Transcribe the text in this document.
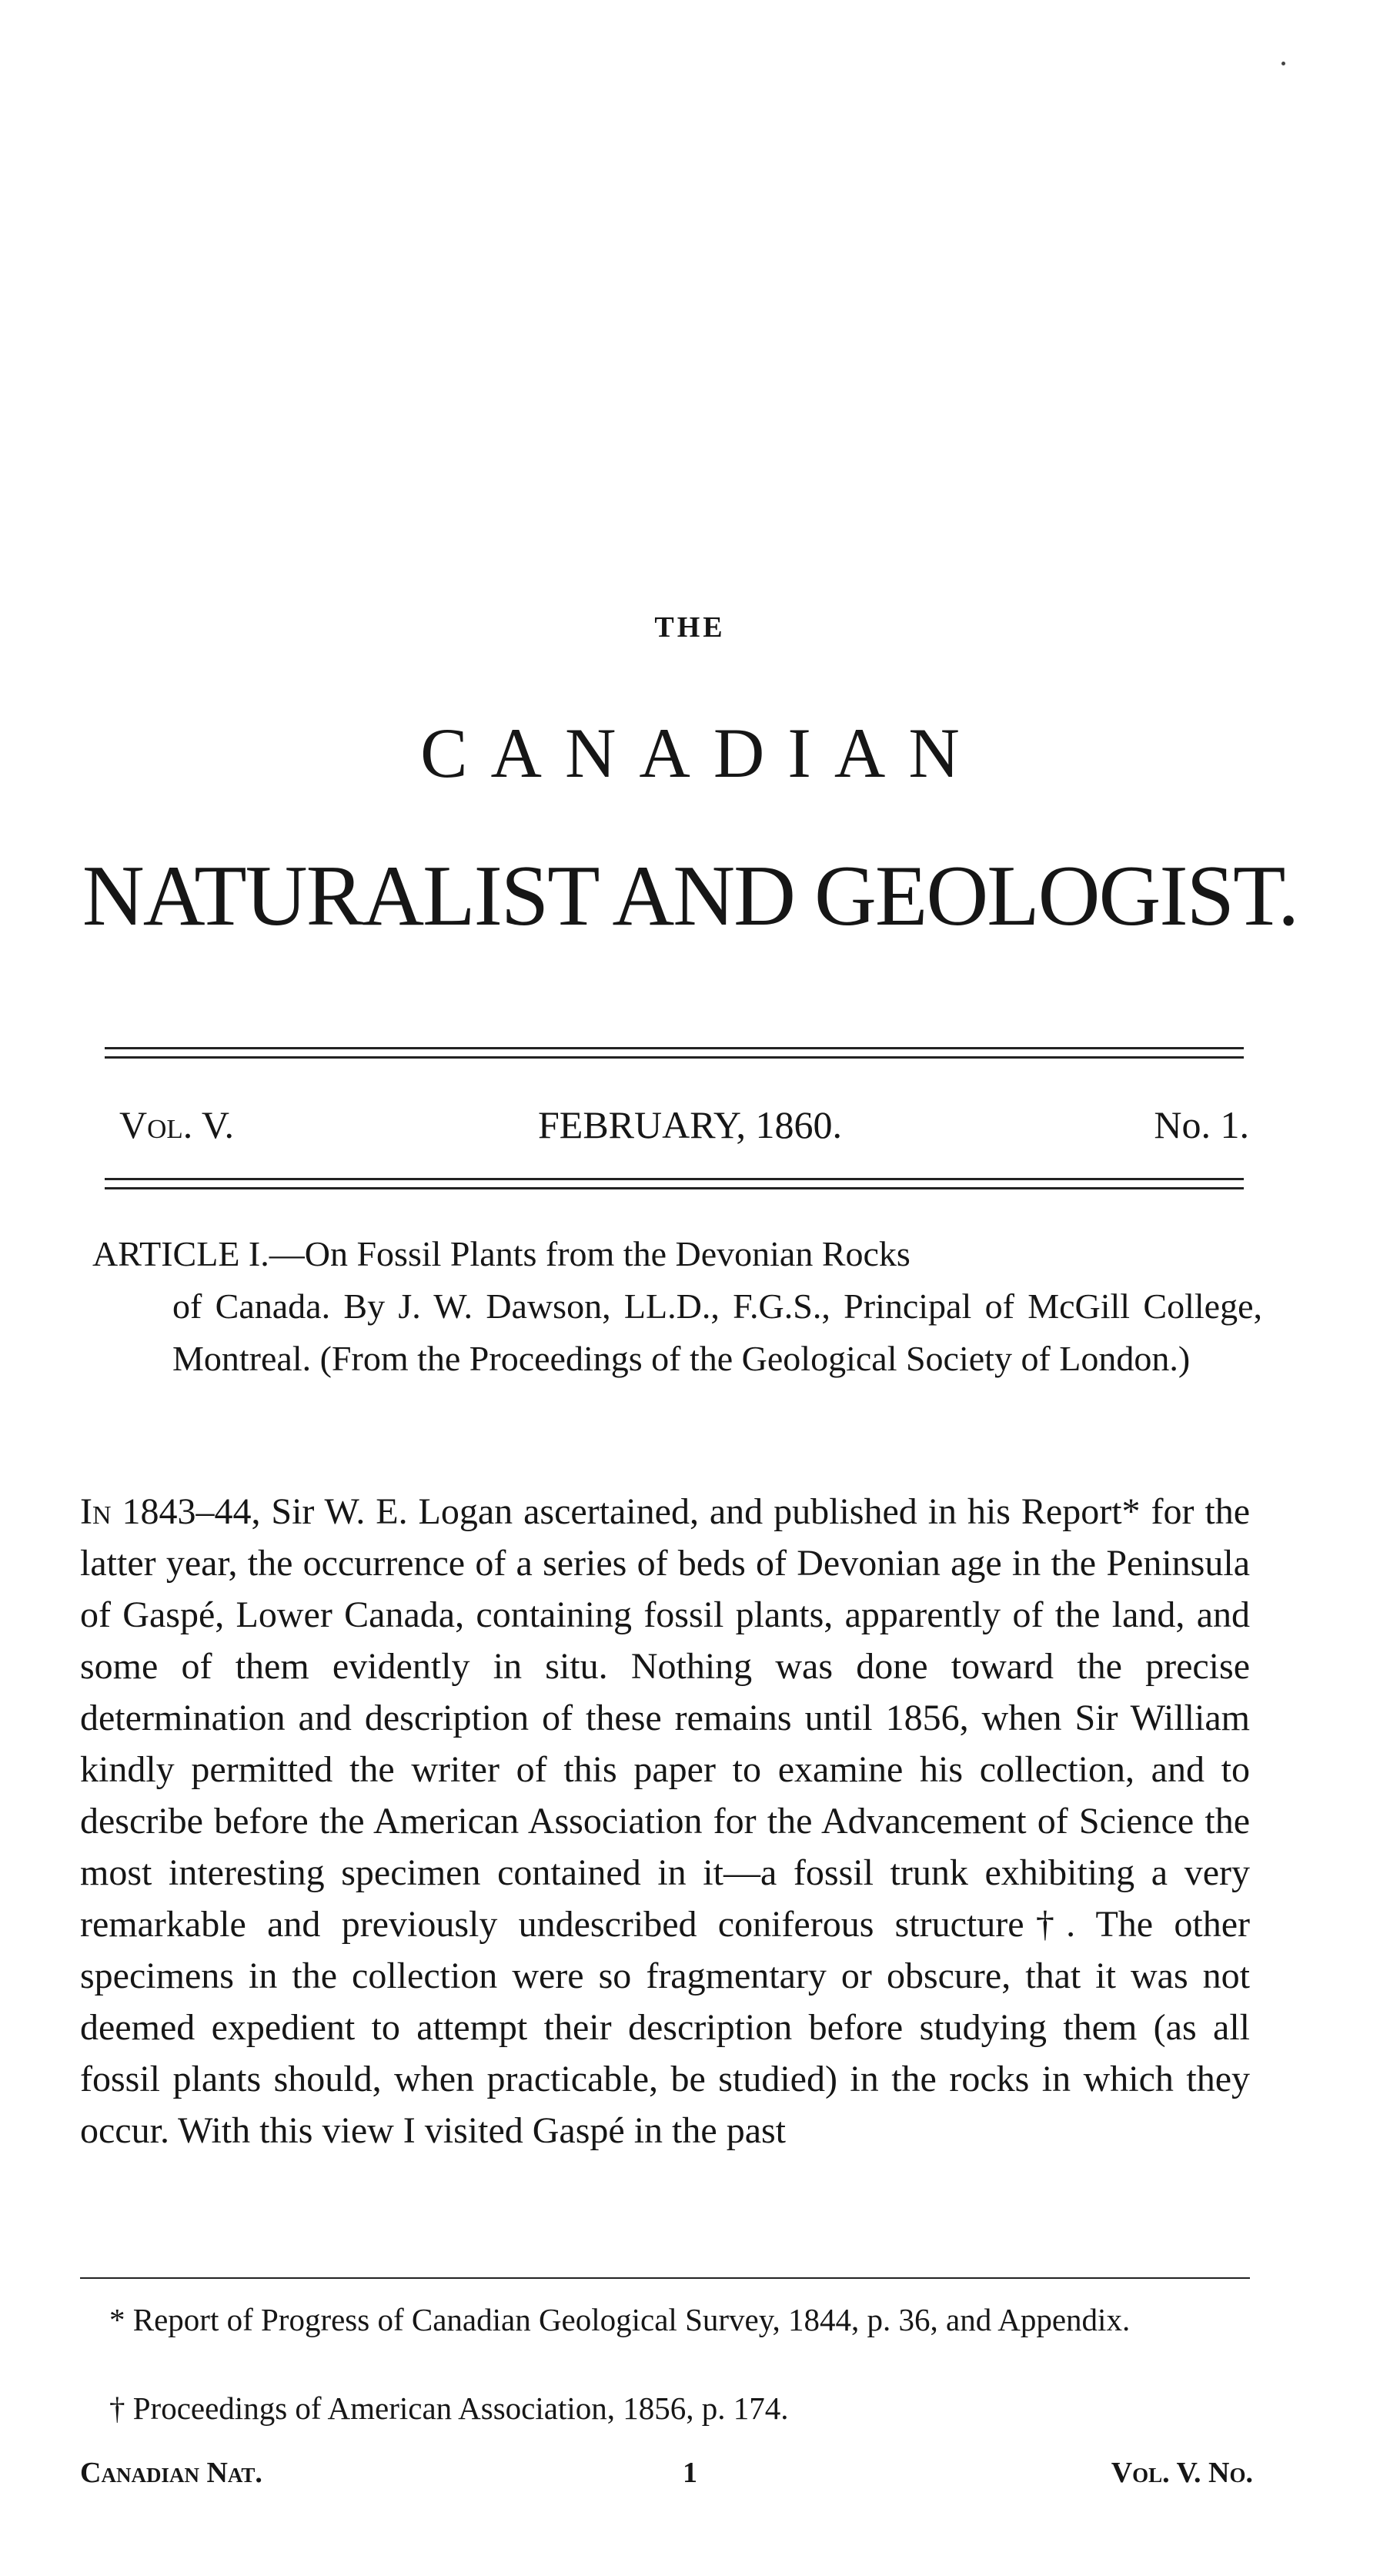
THE
CANADIAN
NATURALIST AND GEOLOGIST.
Vol. V.	FEBRUARY, 1860.	No. 1.
ARTICLE I.—On Fossil Plants from the Devonian Rocks
of Canada. By J. W. Dawson, LL.D., F.G.S., Principal of McGill College, Montreal. (From the Proceedings of the Geological Society of London.)
In 1843–44, Sir W. E. Logan ascertained, and published in his Report* for the latter year, the occurrence of a series of beds of Devonian age in the Peninsula of Gaspé, Lower Canada, containing fossil plants, apparently of the land, and some of them evidently in situ. Nothing was done toward the precise determination and description of these remains until 1856, when Sir William kindly permitted the writer of this paper to examine his collection, and to describe before the American Association for the Advancement of Science the most interesting specimen contained in it—a fossil trunk exhibiting a very remarkable and previously undescribed coniferous structure†. The other specimens in the collection were so fragmentary or obscure, that it was not deemed expedient to attempt their description before studying them (as all fossil plants should, when practicable, be studied) in the rocks in which they occur. With this view I visited Gaspé in the past
* Report of Progress of Canadian Geological Survey, 1844, p. 36, and Appendix.
† Proceedings of American Association, 1856, p. 174.
Canadian Nat.	1	Vol. V. No.
